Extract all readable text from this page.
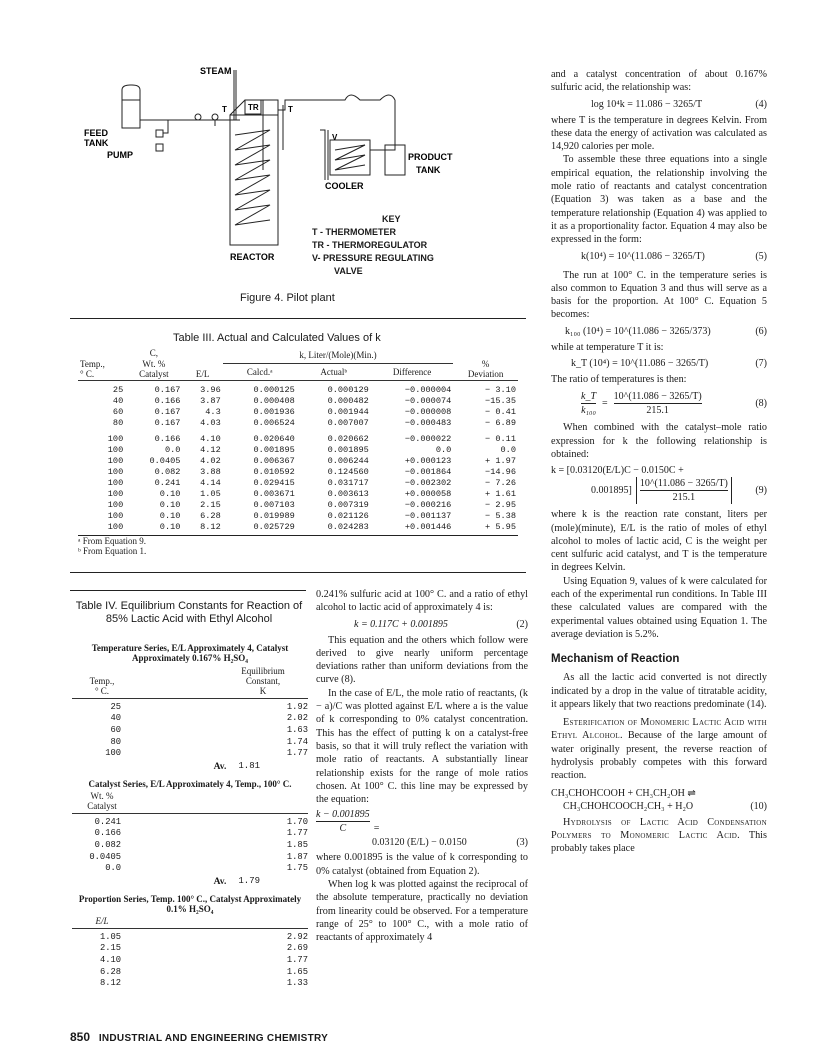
STEAM
FEED TANK
PUMP
TR
T	T
V
PRODUCT TANK
COOLER
REACTOR
KEY
T - THERMOMETER
TR - THERMOREGULATOR
V- PRESSURE REGULATING
VALVE
Figure 4. Pilot plant
Table III. Actual and Calculated Values of k
Temp.,
° C.	C,
Wt. %
Catalyst	E/L	k, Liter/(Mole)(Min.)			%
Deviation
			Calcd.ᵃ	Actualᵇ	Difference	

25	0.167	3.96	0.000125	0.000129	−0.000004	− 3.10
40	0.166	3.87	0.000408	0.000482	−0.000074	−15.35
60	0.167	4.3	0.001936	0.001944	−0.000008	− 0.41
80	0.167	4.03	0.006524	0.007007	−0.000483	− 6.89
100	0.166	4.10	0.020640	0.020662	−0.000022	− 0.11
100	0.0	4.12	0.001895	0.001895	0.0	0.0
100	0.0405	4.02	0.006367	0.006244	+0.000123	+ 1.97
100	0.082	3.88	0.010592	0.124560	−0.001864	−14.96
100	0.241	4.14	0.029415	0.031717	−0.002302	− 7.26
100	0.10	1.05	0.003671	0.003613	+0.000058	+ 1.61
100	0.10	2.15	0.007103	0.007319	−0.000216	− 2.95
100	0.10	6.28	0.019989	0.021126	−0.001137	− 5.38
100	0.10	8.12	0.025729	0.024283	+0.001446	+ 5.95
ᵃ From Equation 9.
ᵇ From Equation 1.
Table IV. Equilibrium Constants for Reaction of 85% Lactic Acid with Ethyl Alcohol
Temperature Series, E/L Approximately 4, Catalyst Approximately 0.167% H₂SO₄
Temp.,
° C.
Equilibrium
Constant,
K
25		1.92
40		2.02
60		1.63
80		1.74
100		1.77
Av. 1.81
Catalyst Series, E/L Approximately 4, Temp., 100° C.
Wt. %
Catalyst
0.241		1.70
0.166		1.77
0.082		1.85
0.0405		1.87
0.0		1.75
Av. 1.79
Proportion Series, Temp. 100° C., Catalyst Approximately 0.1% H₂SO₄
E/L
1.05		2.92
2.15		2.69
4.10		1.77
6.28		1.65
8.12		1.33
0.241% sulfuric acid at 100° C. and a ratio of ethyl alcohol to lactic acid of approximately 4 is:
k = 0.117C + 0.001895	(2)
This equation and the others which follow were derived to give nearly uniform percentage deviations rather than uniform deviations from the curve (8).
In the case of E/L, the mole ratio of reactants, (k − a)/C was plotted against E/L where a is the value of k corresponding to 0% catalyst concentration. This has the effect of putting k on a catalyst-free basis, so that it will truly reflect the variation with mole ratio of reactants. A substantially linear relationship exists for the range of mole ratios chosen. At 100° C. this line may be expressed by the equation:
$\frac{k - 0.001895}{C}$ =
0.03120 (E/L) − 0.0150	(3)
where 0.001895 is the value of k corresponding to 0% catalyst (obtained from Equation 2).
When log k was plotted against the reciprocal of the absolute temperature, practically no deviation from linearity could be observed. For a temperature range of 25° to 100° C., with a mole ratio of reactants of approximately 4
and a catalyst concentration of about 0.167% sulfuric acid, the relationship was:
log 10⁴k = 11.086 − 3265/T	(4)
where T is the temperature in degrees Kelvin. From these data the energy of activation was calculated as 14,920 calories per mole.
To assemble these three equations into a single empirical equation, the relationship involving the mole ratio of reactants and catalyst concentration (Equation 3) was taken as a base and the temperature relationship (Equation 4) was applied to it as a proportionality factor. Equation 4 may also be expressed in the form:
k(10⁴) = 10^(11.086 − 3265/T)	(5)
The run at 100° C. in the temperature series is also common to Equation 3 and thus will serve as a basis for the proportion. At 100° C. Equation 5 becomes:
k₁₀₀ (10⁴) = 10^(11.086 − 3265/373)	(6)
while at temperature T it is:
k_T (10⁴) = 10^(11.086 − 3265/T)	(7)
The ratio of temperatures is then:
$\frac{k\_T}{\text{k₁₀₀}} = \frac{10\^{}(11.086 - 3265/T)}{215.1}$	(8)
When combined with the catalyst–mole ratio expression for k the following relationship is obtained:
k = [0.03120(E/L)C − 0.0150C +
0.001895]
10^(11.086 − 3265/T)
215.1
(9)
where k is the reaction rate constant, liters per (mole)(minute), E/L is the ratio of moles of ethyl alcohol to moles of lactic acid, C is the weight per cent sulfuric acid catalyst, and T is the temperature in degrees Kelvin.
Using Equation 9, values of k were calculated for each of the experimental run conditions. In Table III these calculated values are compared with the experimental values obtained using Equation 1. The average deviation is 5.2%.
Mechanism of Reaction
As all the lactic acid converted is not directly indicated by a drop in the value of titratable acidity, it appears likely that two reactions predominate (14).
Esterification of Monomeric Lactic Acid with Ethyl Alcohol. Because of the large amount of water originally present, the reverse reaction of hydrolysis probably competes with this forward reaction.
CH₃CHOHCOOH + CH₃CH₂OH ⇌
CH₃CHOHCOOCH₂CH₃ + H₂O	(10)
Hydrolysis of Lactic Acid Condensation Polymers to Monomeric Lactic Acid. This probably takes place
850 INDUSTRIAL AND ENGINEERING CHEMISTRY
